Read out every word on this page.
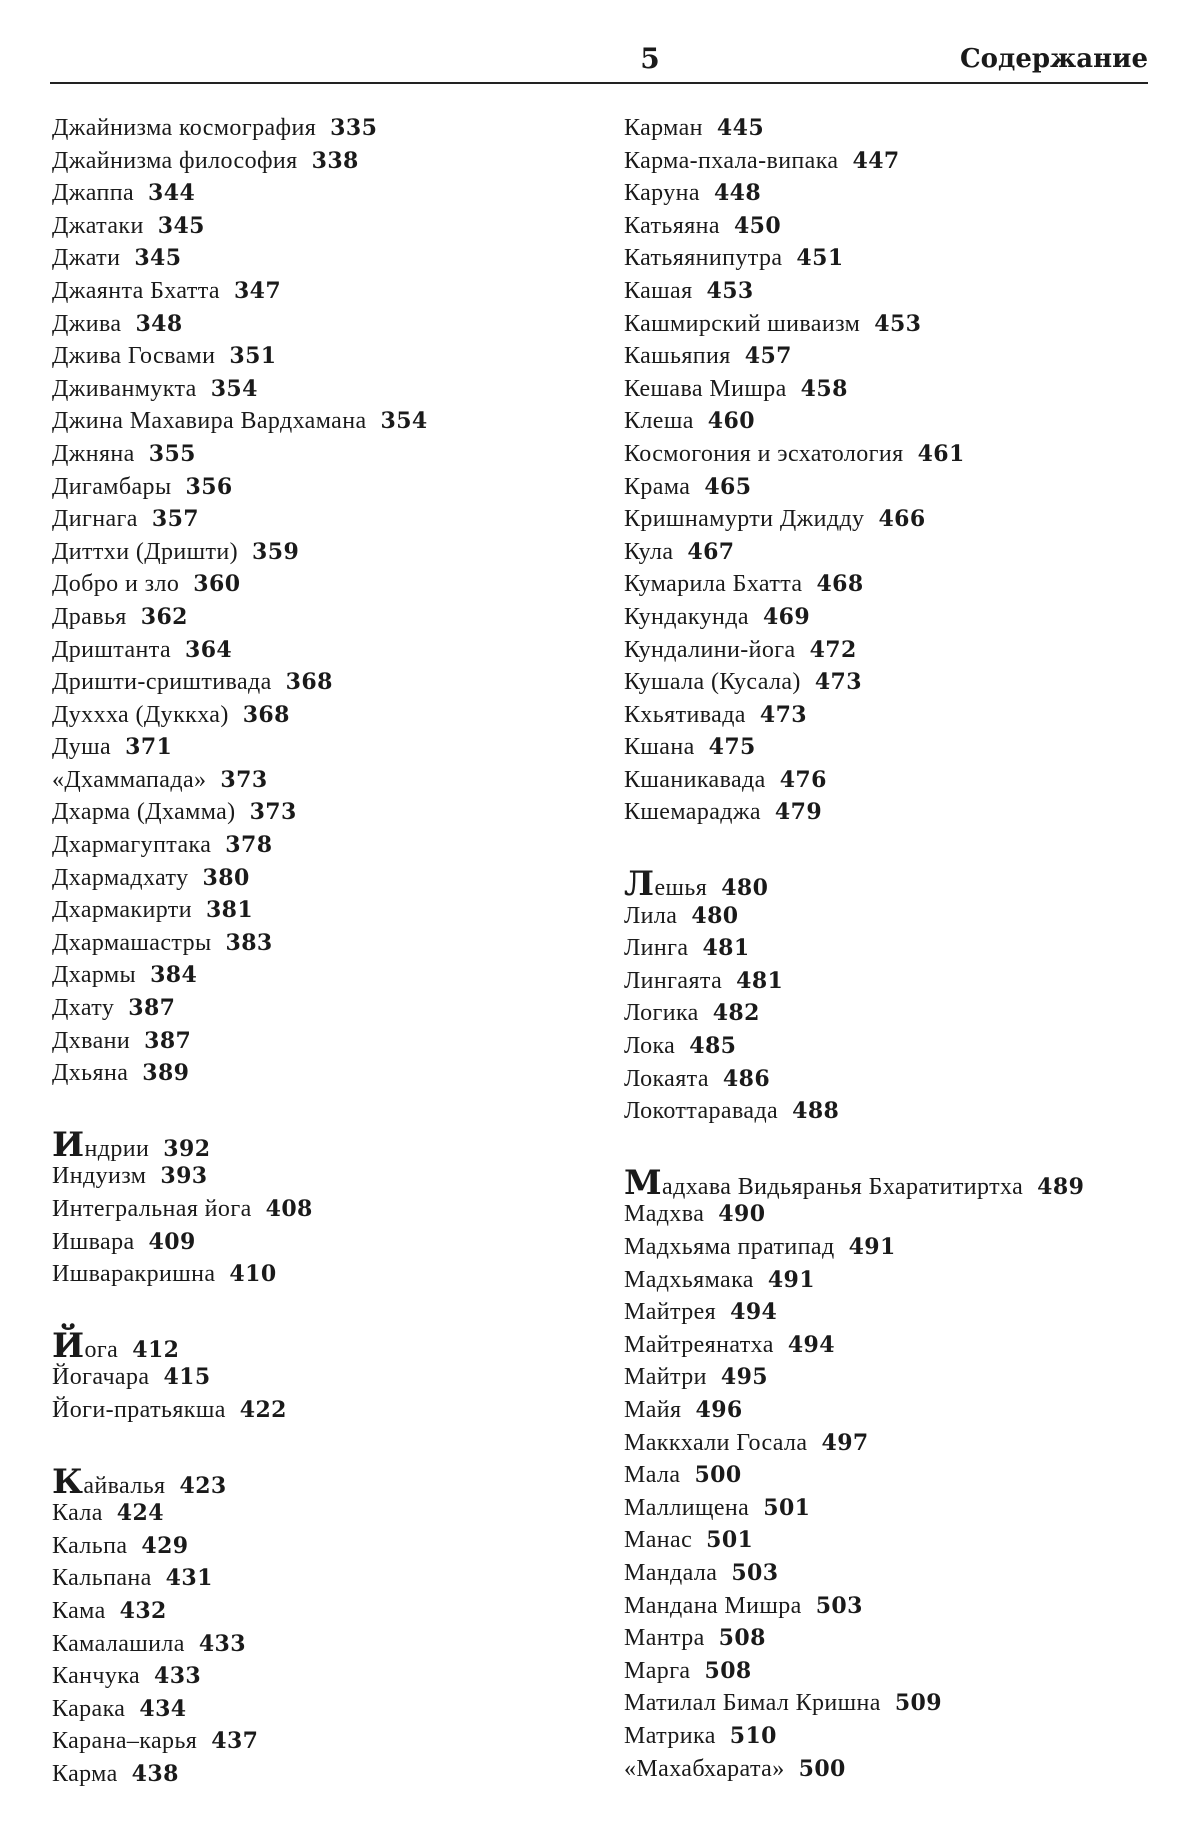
5	Содержание
Джайнизма космография 335
Джайнизма философия 338
Джаппа 344
Джатаки 345
Джати 345
Джаянта Бхатта 347
Джива 348
Джива Госвами 351
Дживанмукта 354
Джина Махавира Вардхамана 354
Джняна 355
Дигамбары 356
Дигнага 357
Диттхи (Дришти) 359
Добро и зло 360
Дравья 362
Дриштанта 364
Дришти-сриштивада 368
Духхха (Дуккха) 368
Душа 371
«Дхаммапада» 373
Дхарма (Дхамма) 373
Дхармагуптака 378
Дхармадхату 380
Дхармакирти 381
Дхармашастры 383
Дхармы 384
Дхату 387
Дхвани 387
Дхьяна 389
Индрии 392
Индуизм 393
Интегральная йога 408
Ишвара 409
Ишваракришна 410
Йога 412
Йогачара 415
Йоги-пратьякша 422
Кайвалья 423
Кала 424
Кальпа 429
Кальпана 431
Кама 432
Камалашила 433
Канчука 433
Карака 434
Карана–карья 437
Карма 438
Карман 445
Карма-пхала-випака 447
Каруна 448
Катьяяна 450
Катьяянипутра 451
Кашая 453
Кашмирский шиваизм 453
Кашьяпия 457
Кешава Мишра 458
Клеша 460
Космогония и эсхатология 461
Крама 465
Кришнамурти Джидду 466
Кула 467
Кумарила Бхатта 468
Кундакунда 469
Кундалини-йога 472
Кушала (Кусала) 473
Кхьятивада 473
Кшана 475
Кшаникавада 476
Кшемараджа 479
Лешья 480
Лила 480
Линга 481
Лингаята 481
Логика 482
Лока 485
Локаята 486
Локоттаравада 488
Мадхава Видьяранья Бхаратитиртха 489
Мадхва 490
Мадхьяма пратипад 491
Мадхьямака 491
Майтрея 494
Майтреянатха 494
Майтри 495
Майя 496
Маккхали Госала 497
Мала 500
Маллищена 501
Манас 501
Мандала 503
Мандана Мишра 503
Мантра 508
Марга 508
Матилал Бимал Кришна 509
Матрика 510
«Махабхарата» 500
